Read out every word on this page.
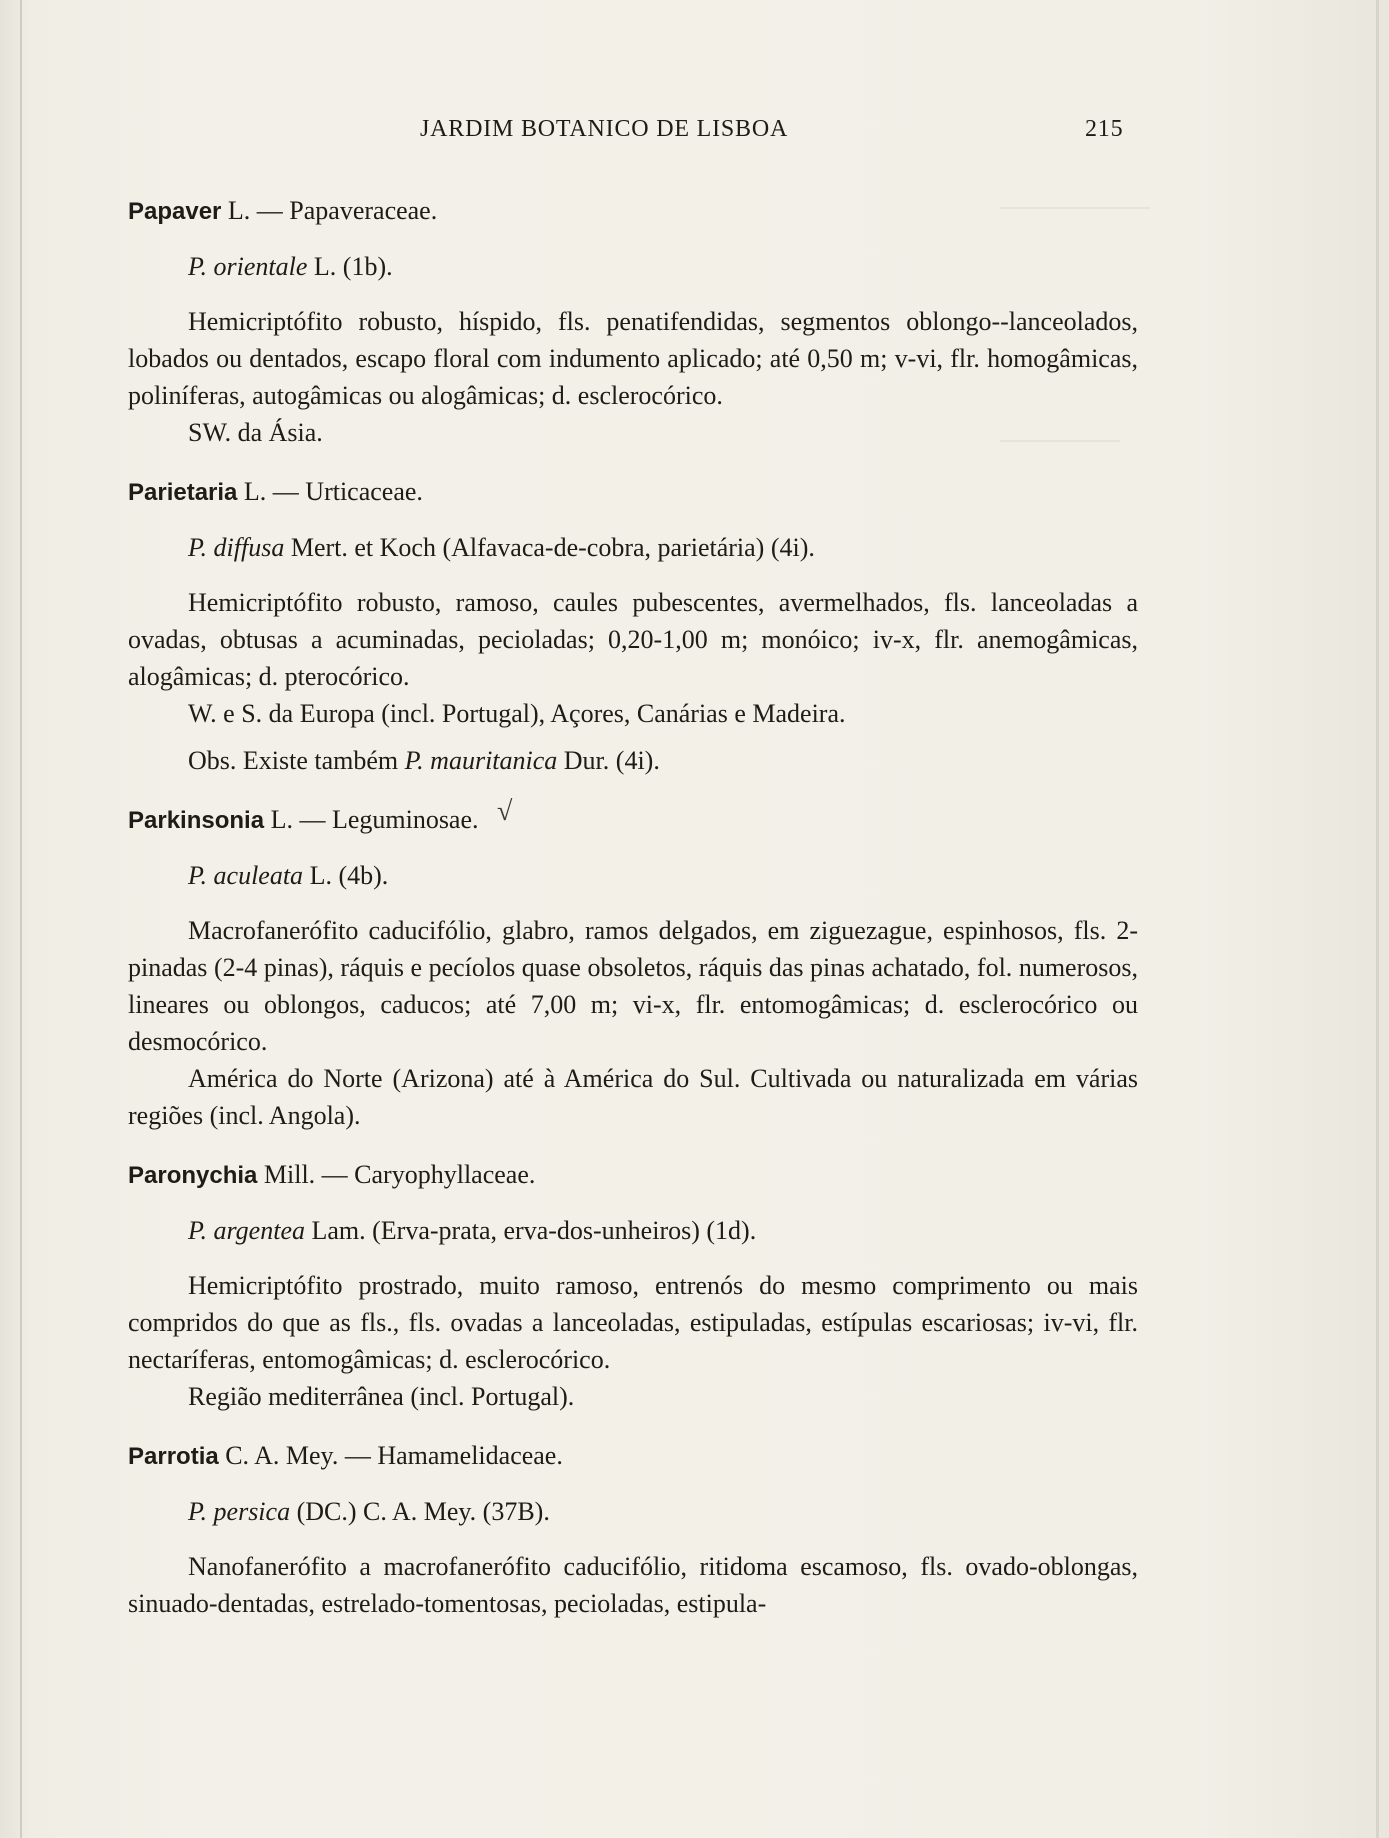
JARDIM BOTANICO DE LISBOA	215
Papaver L. — Papaveraceae.
P. orientale L. (1b).

Hemicriptófito robusto, híspido, fls. penatifendidas, segmentos oblongo--lanceolados, lobados ou dentados, escapo floral com indumento aplicado; até 0,50 m; v-vi, flr. homogâmicas, poliníferas, autogâmicas ou alogâmicas; d. esclerocórico.

SW. da Ásia.

Parietaria L. — Urticaceae.
P. diffusa Mert. et Koch (Alfavaca-de-cobra, parietária) (4i).

Hemicriptófito robusto, ramoso, caules pubescentes, avermelhados, fls. lanceoladas a ovadas, obtusas a acuminadas, pecioladas; 0,20-1,00 m; monóico; iv-x, flr. anemogâmicas, alogâmicas; d. pterocórico.

W. e S. da Europa (incl. Portugal), Açores, Canárias e Madeira.

Obs. Existe também P. mauritanica Dur. (4i).

Parkinsonia L. — Leguminosae. √
P. aculeata L. (4b).

Macrofanerófito caducifólio, glabro, ramos delgados, em ziguezague, espinhosos, fls. 2-pinadas (2-4 pinas), ráquis e pecíolos quase obsoletos, ráquis das pinas achatado, fol. numerosos, lineares ou oblongos, caducos; até 7,00 m; vi-x, flr. entomogâmicas; d. esclerocórico ou desmocórico.

América do Norte (Arizona) até à América do Sul. Cultivada ou naturalizada em várias regiões (incl. Angola).

Paronychia Mill. — Caryophyllaceae.
P. argentea Lam. (Erva-prata, erva-dos-unheiros) (1d).

Hemicriptófito prostrado, muito ramoso, entrenós do mesmo comprimento ou mais compridos do que as fls., fls. ovadas a lanceoladas, estipuladas, estípulas escariosas; iv-vi, flr. nectaríferas, entomogâmicas; d. esclerocórico.

Região mediterrânea (incl. Portugal).

Parrotia C. A. Mey. — Hamamelidaceae.
P. persica (DC.) C. A. Mey. (37B).

Nanofanerófito a macrofanerófito caducifólio, ritidoma escamoso, fls. ovado-oblongas, sinuado-dentadas, estrelado-tomentosas, pecioladas, estipula-
